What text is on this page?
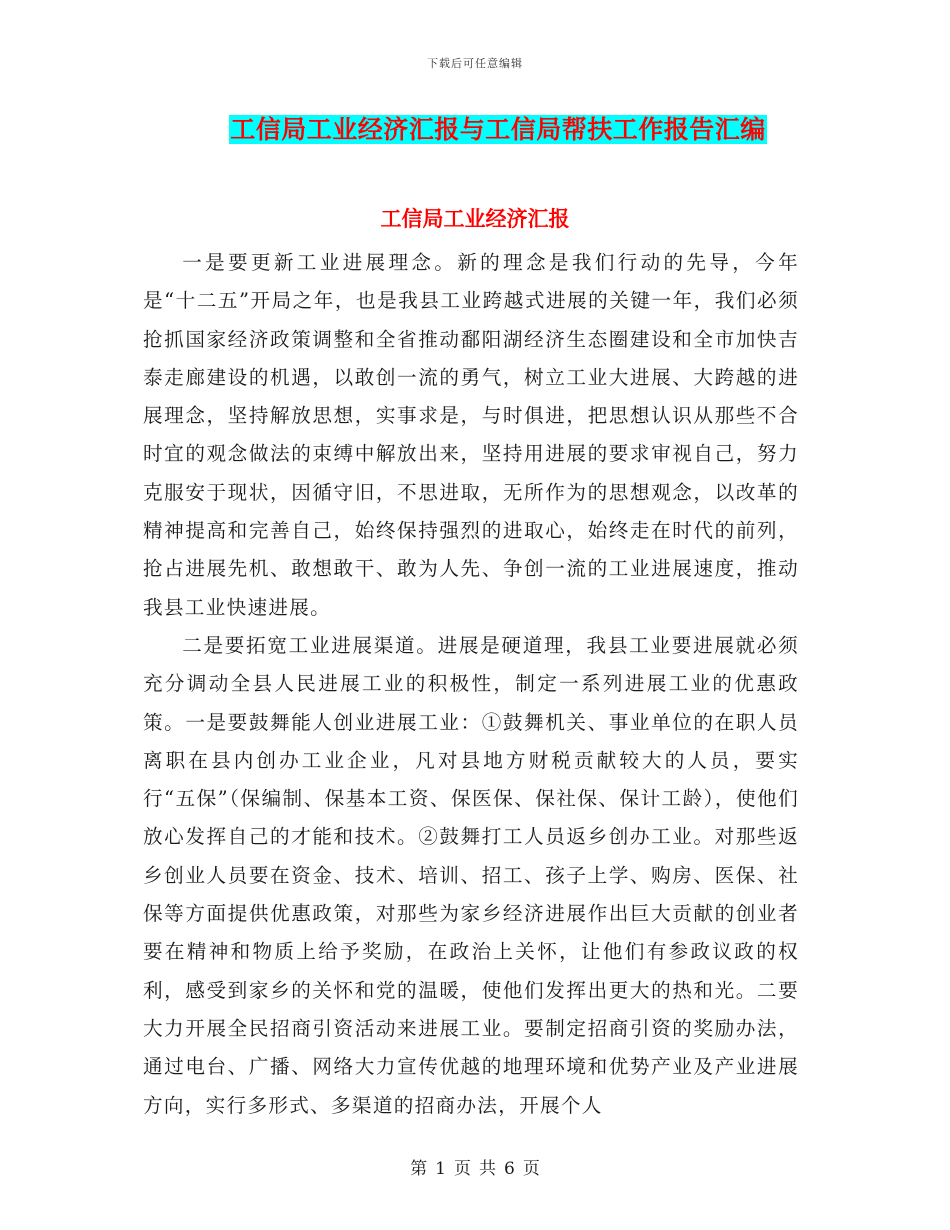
下载后可任意编辑
工信局工业经济汇报与工信局帮扶工作报告汇编
工信局工业经济汇报

一是要更新工业进展理念。新的理念是我们行动的先导，今年是“十二五”开局之年，也是我县工业跨越式进展的关键一年，我们必须抢抓国家经济政策调整和全省推动鄱阳湖经济生态圈建设和全市加快吉泰走廊建设的机遇，以敢创一流的勇气，树立工业大进展、大跨越的进展理念，坚持解放思想，实事求是，与时俱进，把思想认识从那些不合时宜的观念做法的束缚中解放出来，坚持用进展的要求审视自己，努力克服安于现状，因循守旧，不思进取，无所作为的思想观念，以改革的精神提高和完善自己，始终保持强烈的进取心，始终走在时代的前列，抢占进展先机、敢想敢干、敢为人先、争创一流的工业进展速度，推动我县工业快速进展。

二是要拓宽工业进展渠道。进展是硬道理，我县工业要进展就必须充分调动全县人民进展工业的积极性，制定一系列进展工业的优惠政策。一是要鼓舞能人创业进展工业：①鼓舞机关、事业单位的在职人员离职在县内创办工业企业，凡对县地方财税贡献较大的人员，要实行“五保”（保编制、保基本工资、保医保、保社保、保计工龄），使他们放心发挥自己的才能和技术。②鼓舞打工人员返乡创办工业。对那些返乡创业人员要在资金、技术、培训、招工、孩子上学、购房、医保、社保等方面提供优惠政策，对那些为家乡经济进展作出巨大贡献的创业者要在精神和物质上给予奖励，在政治上关怀，让他们有参政议政的权利，感受到家乡的关怀和党的温暖，使他们发挥出更大的热和光。二要大力开展全民招商引资活动来进展工业。要制定招商引资的奖励办法，通过电台、广播、网络大力宣传优越的地理环境和优势产业及产业进展方向，实行多形式、多渠道的招商办法，开展个人

第 1 页 共 6 页
